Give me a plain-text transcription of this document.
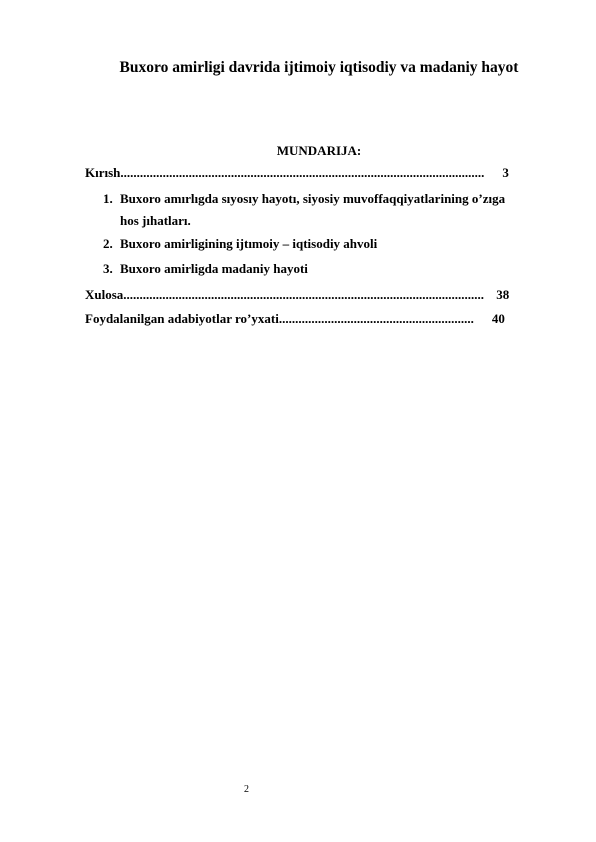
Buxoro amirligi davrida ijtimoiy iqtisodiy va madaniy hayot
MUNDARIJA:
Kırısh................................................................................................................ 3
1. Buxoro amırlıgda sıyosıy hayotı, siyosiy muvoffaqqiyatlarining o’zıga
hos jıhatları.
2. Buxoro amirligining ijtımoiy – iqtisodiy ahvoli
3. Buxoro amirligda madaniy hayoti
Xulosa............................................................................................................... 38
Foydalanilgan adabiyotlar ro’yxati............................................................ 40
2
